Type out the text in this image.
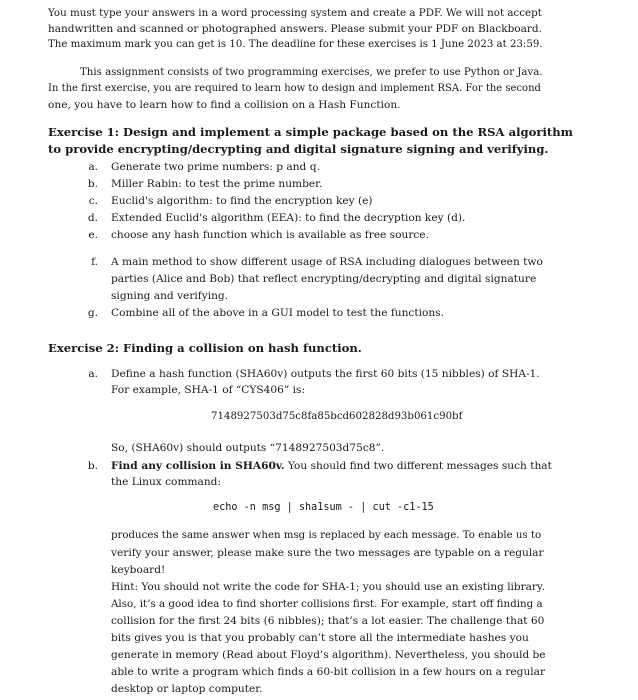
You must type your answers in a word processing system and create a PDF. We will not accept
handwritten and scanned or photographed answers. Please submit your PDF on Blackboard.
The maximum mark you can get is 10. The deadline for these exercises is 1 June 2023 at 23:59.
This assignment consists of two programming exercises, we prefer to use Python or Java.
In the first exercise, you are required to learn how to design and implement RSA. For the second
one, you have to learn how to find a collision on a Hash Function.
Exercise 1: Design and implement a simple package based on the RSA algorithm
to provide encrypting/decrypting and digital signature signing and verifying.
a. Generate two prime numbers: p and q.
b. Miller Rabin: to test the prime number.
c. Euclid's algorithm: to find the encryption key (e)
d. Extended Euclid's algorithm (EEA): to find the decryption key (d).
e. choose any hash function which is available as free source.
f. A main method to show different usage of RSA including dialogues between two
parties (Alice and Bob) that reflect encrypting/decrypting and digital signature
signing and verifying.
g. Combine all of the above in a GUI model to test the functions.
Exercise 2: Finding a collision on hash function.
a. Define a hash function (SHA60v) outputs the first 60 bits (15 nibbles) of SHA-1.
For example, SHA-1 of “CYS406” is:
7148927503d75c8fa85bcd602828d93b061c90bf
So, (SHA60v) should outputs “7148927503d75c8”.
b. Find any collision in SHA60v. You should find two different messages such that
the Linux command:
echo -n msg | sha1sum - | cut -c1-15
produces the same answer when msg is replaced by each message. To enable us to
verify your answer, please make sure the two messages are typable on a regular
keyboard!
Hint: You should not write the code for SHA-1; you should use an existing library.
Also, it’s a good idea to find shorter collisions first. For example, start off finding a
collision for the first 24 bits (6 nibbles); that’s a lot easier. The challenge that 60
bits gives you is that you probably can’t store all the intermediate hashes you
generate in memory (Read about Floyd’s algorithm). Nevertheless, you should be
able to write a program which finds a 60-bit collision in a few hours on a regular
desktop or laptop computer.
